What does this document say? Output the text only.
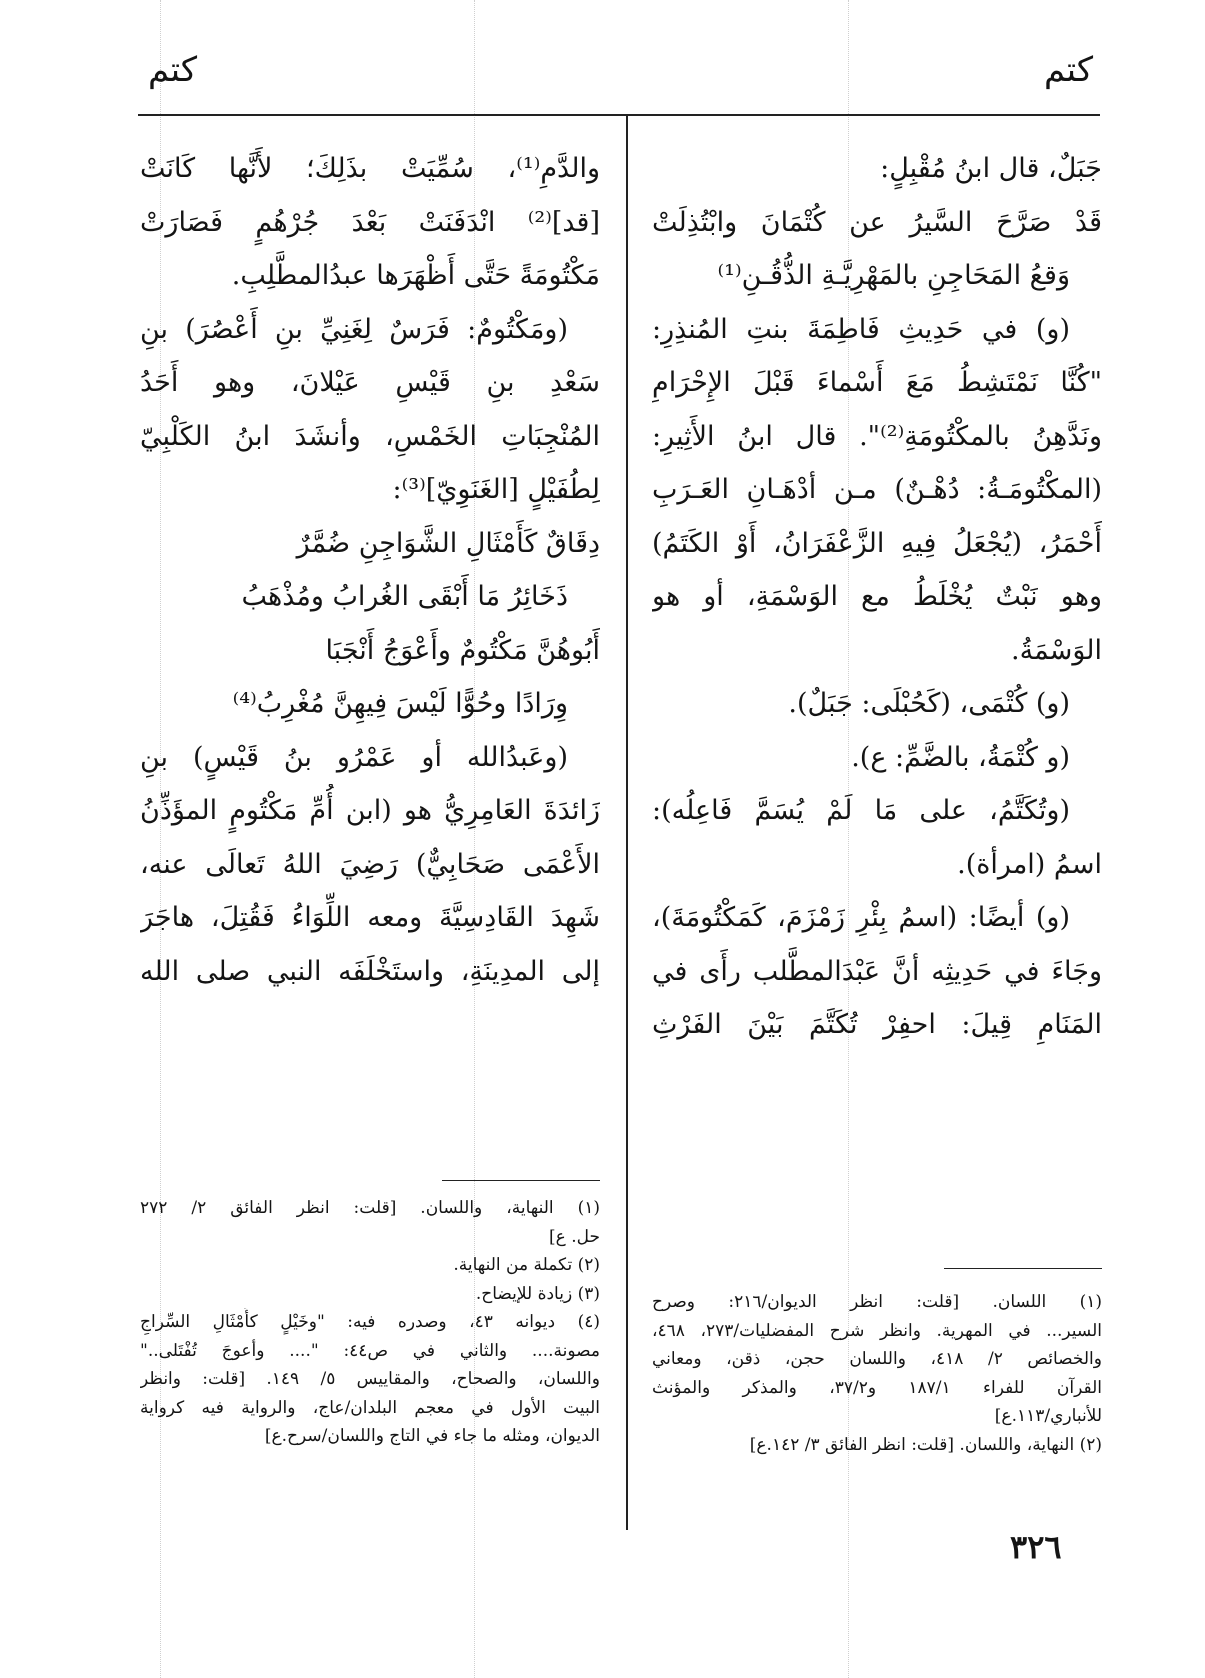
كتم	كتم
جَبَلٌ، قال ابنُ مُقْبِلٍ:
قَدْ صَرَّحَ السَّيرُ عن كُتْمَانَ وابْتُذِلَتْ
وَقعُ المَحَاجِنِ بالمَهْرِيَّـةِ الذُّقُـنِ⁽¹⁾
(و) في حَدِيثِ فَاطِمَةَ بنتِ المُنذِرِ:
"كُنَّا نَمْتَشِطُ مَعَ أَسْماءَ قَبْلَ الإِحْرَامِ
ونَدَّهِنُ بالمكْتُومَةِ⁽²⁾". قال ابنُ الأَثِيرِ:
(المكْتُومَـةُ: دُهْـنٌ) مـن أدْهَـانِ العَـرَبِ
أَحْمَرُ، (يُجْعَلُ فِيهِ الزَّعْفَرَانُ، أَوْ الكَتَمُ)
وهو نَبْتٌ يُخْلَطُ مع الوَسْمَةِ، أو هو
الوَسْمَةُ.
(و) كُتْمَى، (كَحُبْلَى: جَبَلٌ).
(و كُتْمَةُ، بالضَّمِّ: ع).
(وتُكَتَّمُ، على مَا لَمْ يُسَمَّ فَاعِلُه):
اسمُ (امرأة).
(و) أيضًا: (اسمُ بِئْرِ زَمْزَمَ، كَمَكْتُومَةَ)،
وجَاءَ في حَدِيثِه أنَّ عَبْدَالمطَّلب رأَى في
المَنَامِ قِيلَ: احفِرْ تُكَتَّمَ بَيْنَ الفَرْثِ
(١) اللسان. [قلت: انظر الديوان/٢١٦: وصرح
السير... في المهرية. وانظر شرح المفضليات/٢٧٣، ٤٦٨،
والخصائص ٢/ ٤١٨، واللسان حجن، ذقن، ومعاني
القرآن للفراء ١٨٧/١ و٣٧/٢، والمذكر والمؤنث
للأنباري/١١٣.ع]
(٢) النهاية، واللسان. [قلت: انظر الفائق ٣/ ١٤٢.ع]
والدَّمِ⁽¹⁾، سُمِّيَتْ بذَلِكَ؛ لأَنَّها كَانَتْ
[قد]⁽²⁾ انْدَفَنَتْ بَعْدَ جُرْهُمٍ فَصَارَتْ
مَكْتُومَةً حَتَّى أَظْهَرَها عبدُالمطَّلِبِ.
(ومَكْتُومٌ: فَرَسٌ لِغَنِيِّ بنِ أَعْصُرَ) بنِ
سَعْدِ بنِ قَيْسِ عَيْلانَ، وهو أَحَدُ
المُنْجِبَاتِ الخَمْسِ، وأنشَدَ ابنُ الكَلْبِيّ
لِطُفَيْلٍ [الغَنَوِيّ]⁽³⁾:
دِقَاقٌ كَأَمْثَالِ الشَّوَاجِنِ ضُمَّرٌ
ذَخَائِرُ مَا أَبْقَى الغُرابُ ومُذْهَبُ
أَبُوهُنَّ مَكْتُومٌ وأَعْوَجُ أَنْجَبَا
وِرَادًا وحُوًّا لَيْسَ فِيهِنَّ مُغْرِبُ⁽⁴⁾
(وعَبدُالله أو عَمْرُو بنُ قَيْسٍ) بنِ
زَائدَةَ العَامِرِيُّ هو (ابن أُمِّ مَكْتُومٍ المؤَذِّنُ
الأَعْمَى صَحَابِيٌّ) رَضِيَ اللهُ تَعالَى عنه،
شَهِدَ القَادِسِيَّةَ ومعه اللِّوَاءُ فَقُتِلَ، هاجَرَ
إلى المدِينَةِ، واستَخْلَفَه النبي صلى الله
(١) النهاية، واللسان. [قلت: انظر الفائق ٢/ ٢٧٢
حل. ع]
(٢) تكملة من النهاية.
(٣) زيادة للإيضاح.
(٤) ديوانه ٤٣، وصدره فيه: "وخَيْلٍ كأَمْثَالِ السِّراجِ
مصونة.... والثاني في ص٤٤: ".... وأعوجَ تُفْتَلى.."
واللسان، والصحاح، والمقاييس ٥/ ١٤٩. [قلت: وانظر
البيت الأول في معجم البلدان/عاج، والرواية فيه كرواية
الديوان، ومثله ما جاء في التاج واللسان/سرح.ع]
٣٢٦
